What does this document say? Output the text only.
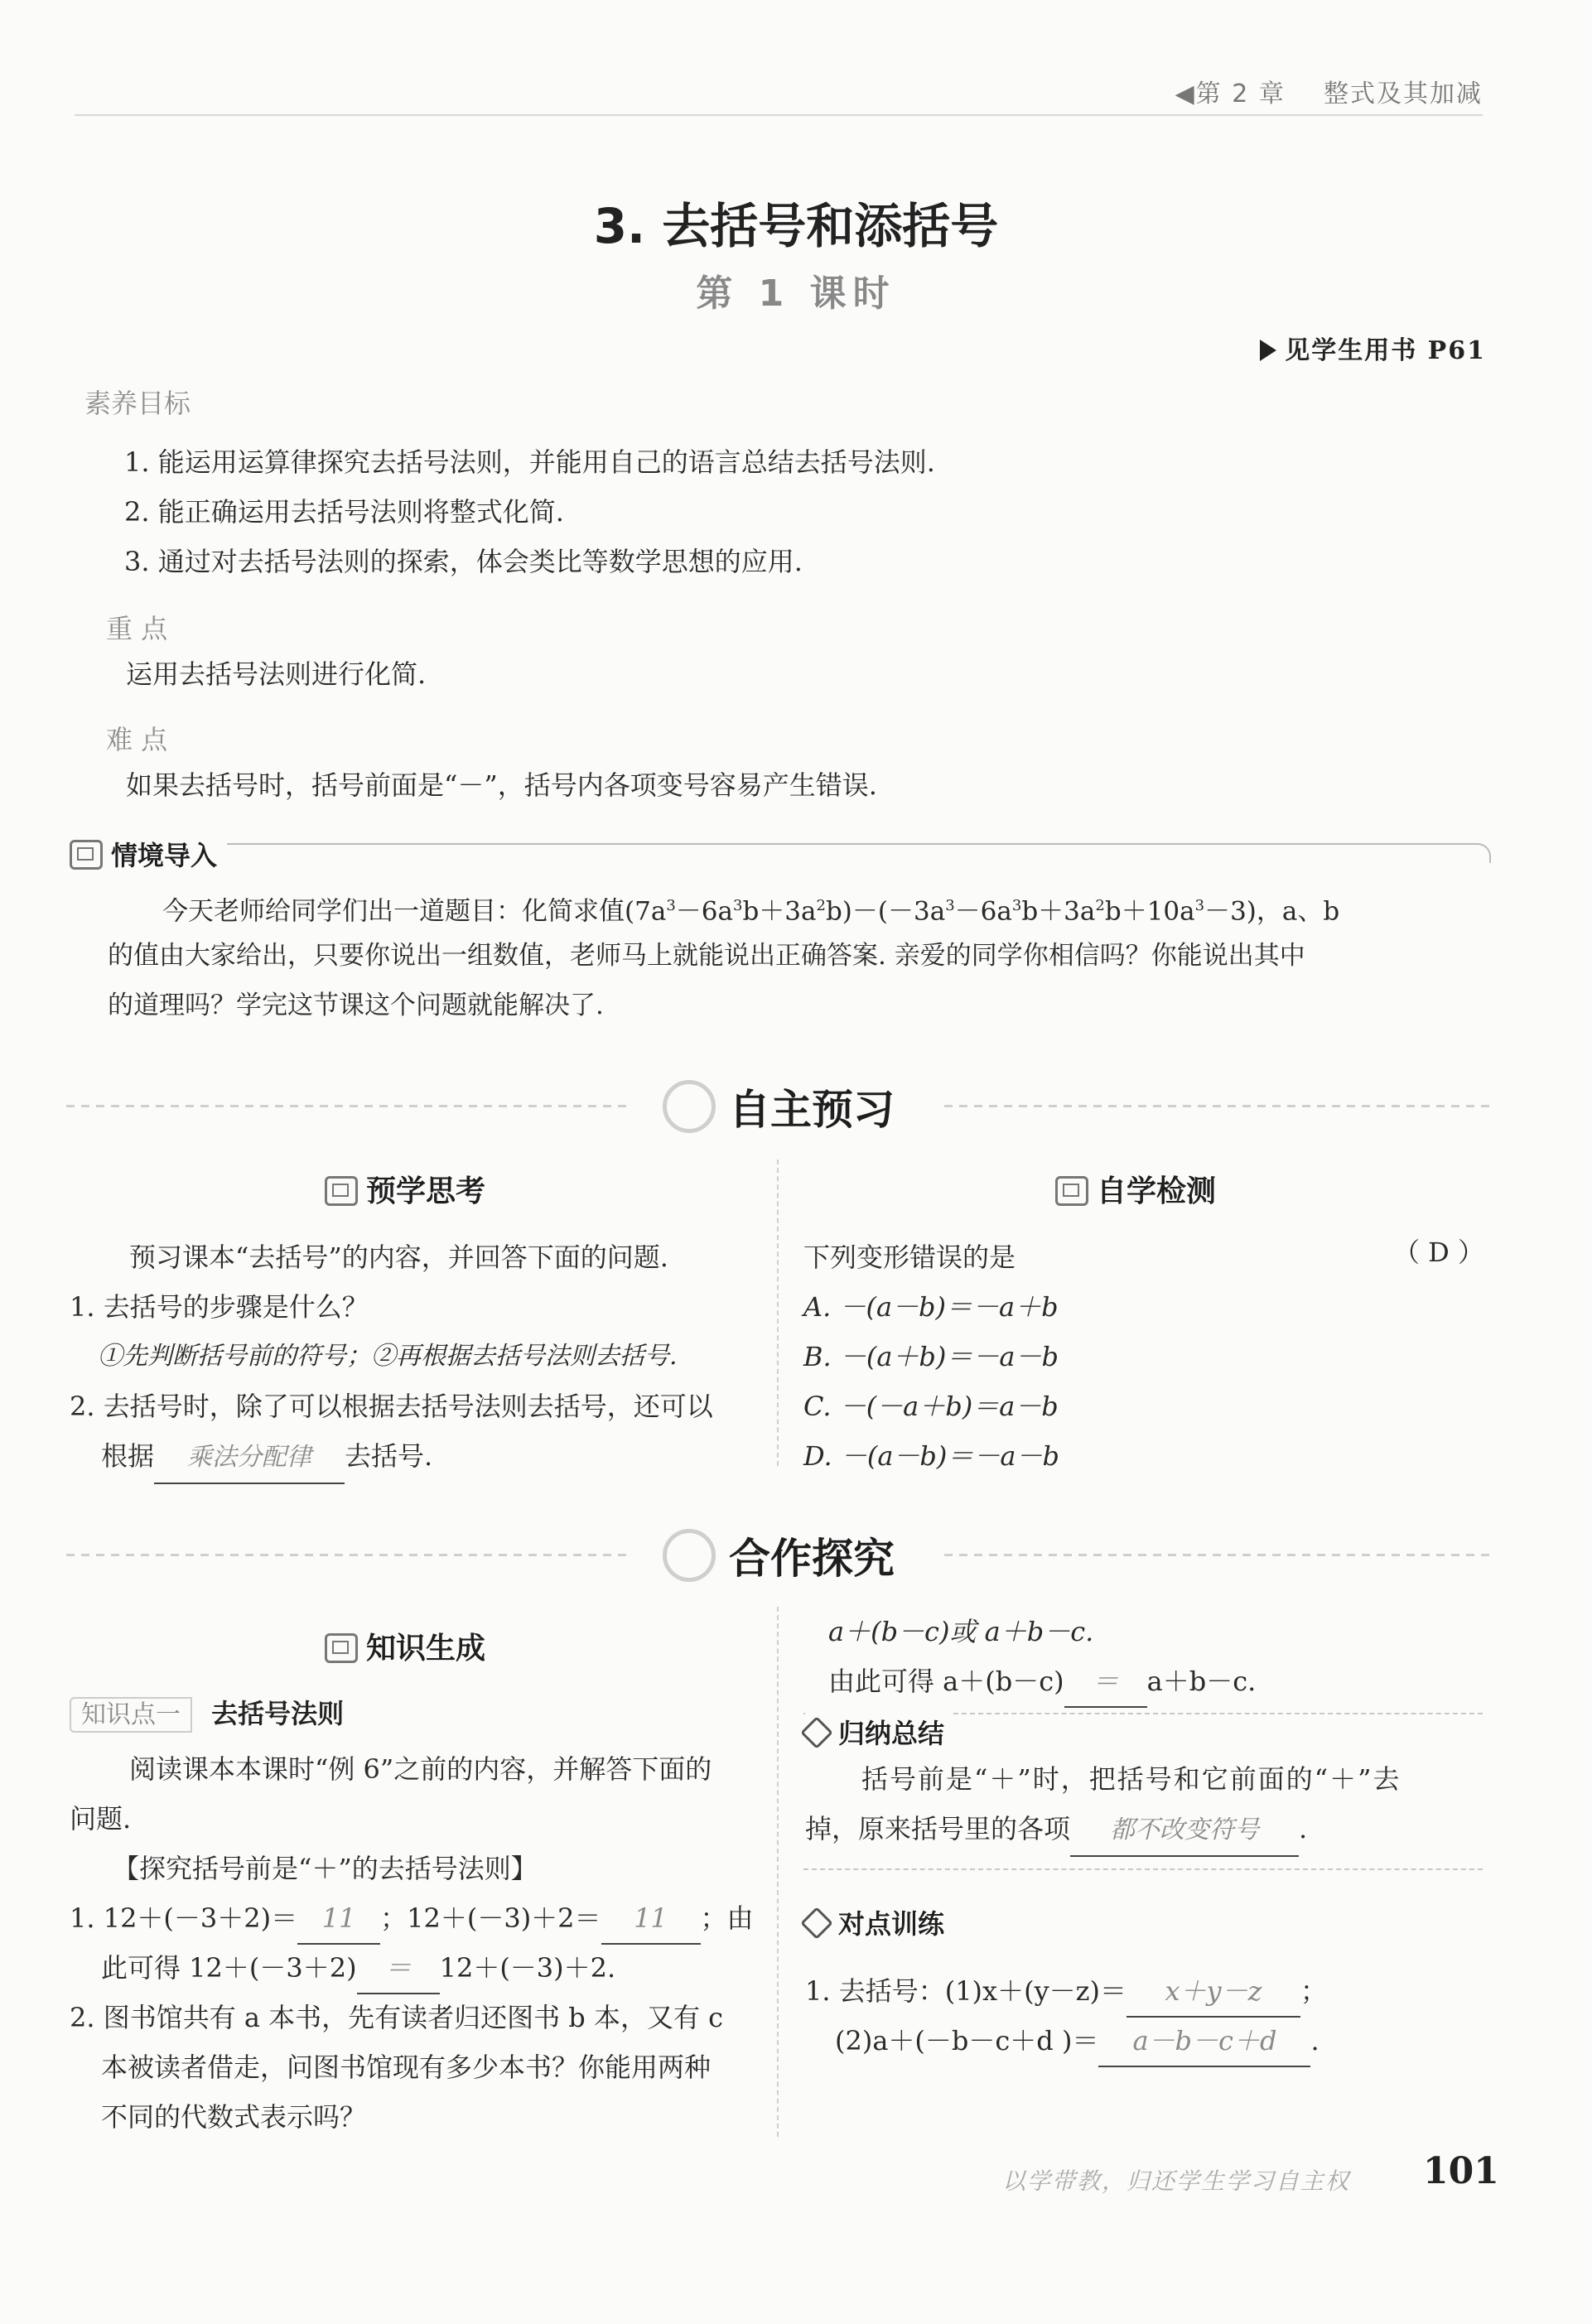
◀第 2 章 整式及其加减
3. 去括号和添括号
第 1 课时
见学生用书 P61
素养目标
1. 能运用运算律探究去括号法则，并能用自己的语言总结去括号法则.
2. 能正确运用去括号法则将整式化简.
3. 通过对去括号法则的探索，体会类比等数学思想的应用.
重 点
运用去括号法则进行化简.
难 点
如果去括号时，括号前面是“－”，括号内各项变号容易产生错误.
情境导入
今天老师给同学们出一道题目：化简求值$(7a^3-6a^3b+3a^2b)-(-3a^3-6a^3b+3a^2b+10a^3-3)$，a、b
的值由大家给出，只要你说出一组数值，老师马上就能说出正确答案. 亲爱的同学你相信吗？你能说出其中
的道理吗？学完这节课这个问题就能解决了.
自主预习
预学思考
预习课本“去括号”的内容，并回答下面的问题.
1. 去括号的步骤是什么？
①先判断括号前的符号；②再根据去括号法则去括号.
2. 去括号时，除了可以根据去括号法则去括号，还可以
根据 乘法分配律 去括号.
自学检测
下列变形错误的是	（ D ）
A. －(a－b)＝－a＋b
B. －(a＋b)＝－a－b
C. －(－a＋b)＝a－b
D. －(a－b)＝－a－b
合作探究
知识生成
知识点一 去括号法则
阅读课本本课时“例 6”之前的内容，并解答下面的
问题.
【探究括号前是“＋”的去括号法则】
1. 12＋(－3＋2)＝ 11 ；12＋(－3)＋2＝ 11 ；由
此可得 12＋(－3＋2) ＝ 12＋(－3)＋2.
2. 图书馆共有 a 本书，先有读者归还图书 b 本，又有 c
本被读者借走，问图书馆现有多少本书？你能用两种
不同的代数式表示吗？
a＋(b－c)或 a＋b－c.
由此可得 a＋(b－c) ＝ a＋b－c.
归纳总结
括号前是“＋”时，把括号和它前面的“＋”去
掉，原来括号里的各项 都不改变符号 .
对点训练
1. 去括号：(1)x＋(y－z)＝ x＋y－z ；
(2)a＋(－b－c＋d )＝ a－b－c＋d .
以学带教，归还学生学习自主权 101
